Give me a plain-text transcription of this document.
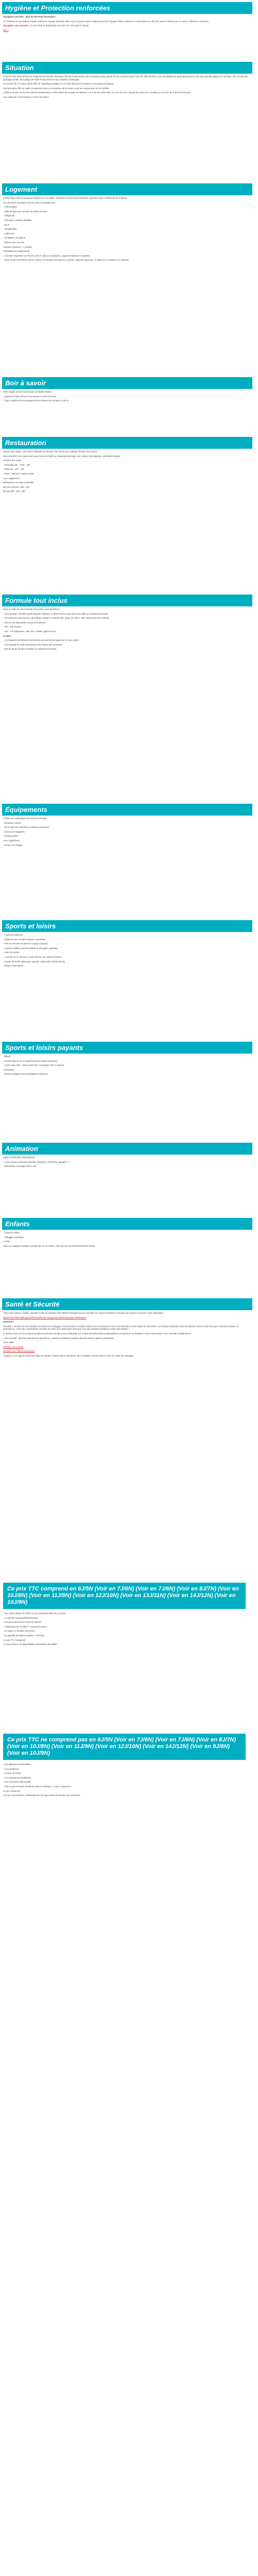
Hygiène et Protection renforcées

Voyageurs vaccinés : plus de test PCR nécessaire !

Un certificat de vaccination complet suffit pour voyager (dernière dose reçue 14 jours avant le départ) pour les Voyages Pleins Horizons et Autocarisines et 28 jours avant le départ pour le vaccin Johnson & Johnson).

Voyageurs non vaccinés : Un test PCR ou antigénique de moins de 72h avant le départ.

Voir »

Situation

À 100 km des côtes africaines, baignées par l'Océan Atlantique, l'île de Fuerteventura est la deuxième plus grande île des Canaries après Tenerife. Elle bénéficie d'un ensoleillement quasi permanent et des plus grandes plages de l'archipel. On y trouve des paysages variés, de la plage de sable fin aux dunes et aux massifs volcaniques.

Au sud de l'île, le Costa Calma offre de magnifiques plages et un cadre idéal pour la détente et les sports nautiques.

Fuerteventura offre un cadre exceptionnel pour les amoureux de la nature, pour les randonneurs et les familles.

L'hôtel se trouve sur la côte sud de Fuerteventura, à 900 mètres de la plage de Matorral, à 1,5 km du centre-ville, à 21 km du Parc naturel des dunes de Corralejo, et à 52 km de Puerto del Rosario.

Lien rapide de Fuerteventura à 10 km de l'hôtel.

Logement

L'hôtel Playa Park (Cassiopea) dispose de 173 unités, modernes et récemment rénovées, réparties dans 4 bâtiments de 2 étages.

Les chambres Standard Vue Rue (25 m²) équipées de :

- 2 lits simples

- Salle de bain avec douche et sèche-cheveux

- Téléphone

- Télévision (chaînes satellite)

- Wi-Fi

- Climatisation

- Coffre-fort

- Ventilateur de plafond

- Balcon avec vue rue

Capacité maximum : 2 adultes

Possibilité (en supplément) :

- Chambre Standard Vue Piscine (25 m², balcon vue piscine, capacité maximum 2 adultes)

- Suite Junior Vue Piscine (35 m², balcon ou terrasse vue piscine ou jardin, capacité maximum : 3 adultes ou 2 adultes et 2 enfants)

Boir à savoir

Hôtel adapté pour les personnes à mobilité réduite.

- Départ en hôtel (25/12) et du Nouvel An (31/12) inclus.

- Ligne régulière de bus passant par les Dunes de Corralejo à 200 m.

Restauration

Durant votre séjour, vous serez hébergés en formule Tout Inclus (voir rubrique formule Tout Inclus).

Vous prendrez vos repas servis sous forme de buffet au restaurant principal. Une cuisine internationale, spécialités locales.

Horaires des repas :

- Petit-déjeuner : 7h30 - 10h

- Déjeuner : 13h - 15h

- Dîner : 18h-21h / 18h30-21h30

Avec supplément :

Restaurant à la Carte (Tonnelle)

Bar de la piscine: 10h - 23h

Bar du café : 20h - 23h

Formule tout inclus

Dans le cadre de votre formule Tout Inclus, vous bénéficiez :

- de la pension complète (petit-déjeuner, déjeuner et dîner) servie sous forme de buffet au restaurant principal

- des boissons sans alcool et alcoolisées locales à volonté (eau, soda, vin, bière, café, thé) au bar de la piscine

- des en-cas disponibles au bar de la piscine :

- 10h - 12h snacks

- 15h - 17h pâtisseries, café, thé, cookies, glaces et jus

À noter :

- Les boissons alcoolisées sont servies aux personnes âgées de 18 ans et plus

- Il est interdit de sortir les boissons alcoolisées des enceintes

- Pas de tenue de bain acceptée au restaurant principal

Équipements

L'hôtel met à disposition les services suivants :

- Réception 24h/24

- Wi-Fi dans les chambres et parties communes

- Service de bagagerie

- Parking public

Avec supplément :

- Service de change

Sports et loisirs

- 1 piscine extérieure

- Solarium avec chaises longues et parasols

- Prêt de serviette de piscine et plage (caution)

- 1 piscine dédiée pour les enfants et toboggan aquatique

- Jeux de société

- 1 piscine sur le toit avec accès réservé aux clients Premium

- Terrain de tennis, pétanque, squash, volley-ball, football, fitness

- Plage à 900 mètres

Sports et loisirs payants

- Billard

- Fitness (pré-accès au gratuit pour les clients Premium)

- Centre Spa Vital : sauna, hammam, massages, bain à remous

À proximité :

- Sports nautiques avec prestataires extérieurs

Animation

Équipe d'animation internationale

- Cours et jeux la journée (aérobic, waterpolo, stretching, aquagym...)

- Spectacles et musique live le soir

Enfants

- 1 piscine enfant

- Toboggan aquatique

À noter :

Suite à la situation sanitaire actuelle liée au COVID19, l'aire de jeux est momentanément fermée.

Santé et Sécurité

Avant votre départ, veuillez consulter le site du ministère des Affaires étrangères pour connaître les risques sanitaires éventuels qui peuvent concerner votre destination :

https://www.diplomatie.gouv.fr/fr/conseils-aux-voyageurs/conseils-par-pays-destination/

Attention !

Attention ! "Aucune de vos activités de loisirs sur les bagages n'est assurée et certain d'entre eux ne sont pas encore recommandés ou font l'objet de restrictions. Les risques sanitaires et/ou sécuritaires varient selon les pays et peuvent évoluer en permanence. Il est donc impératif de consulter les sites de la destination ainsi que ceux des autorités sanitaires avant votre départ."

Le présent avis sur les mesures sanitaires présentés de façon non exhaustive sur la base des informations disponibles au moment de sa rédaction. Nous vous invitons à les consulter régulièrement.

À titre indicatif : dans le contexte de la pandémie, certaines conditions requises peuvent évoluer après la publication.

Liens utiles :

Ministère de la Santé

Ministère des Affaires Étrangères

Tradition, il est rappelé qu'aucune ligne du monde n'assure pas le personnel. Être considéré comme étant à l'abri du risque de contagion.

Ce prix TTC comprend en 6J/5N (Voir en 7J/6N) (Voir en 7J/6N) (Voir en 8J/7N) (Voir en 10J/8N) (Voir en 11J/9N) (Voir en 12J/10N) (Voir en 13J/11N) (Voir en 14J/12N) (Voir en 10J/9N)

- Les vols au départ de Paris ou des principales villes de province

- Le transfert aéroport/hôtel/aéroport

- Les taxes aériennes et frais de dossier

- L'hébergement en hôtel 4* (normes locales)

- Le séjour en formule Tout Inclus

- La garantie annulation Ajustée + Premium

Ce prix TTC comprend :

(*) Sous réserve de disponibilité et d'émission des billets

Ce prix TTC ne comprend pas en 6J/5N (Voir en 7J/6N) (Voir en 7J/6N) (Voir en 8J/7N) (Voir en 10J/8N) (Voir en 11J/9N) (Voir en 12J/10N) (Voir en 14J/12N) (Voir en 9J/8N) (Voir en 10J/9N)

- Les dépenses personnelles

- Les pourboires

- La taxe de séjour

- Les assurances facultatives

- Les excursions optionnelles

- Tout ce qui n'est pas mentionné dans la rubrique « ce prix comprend »

Le prix comprend :

Les vols, les transferts, l'hébergement, les repas selon la formule, les excursions.
